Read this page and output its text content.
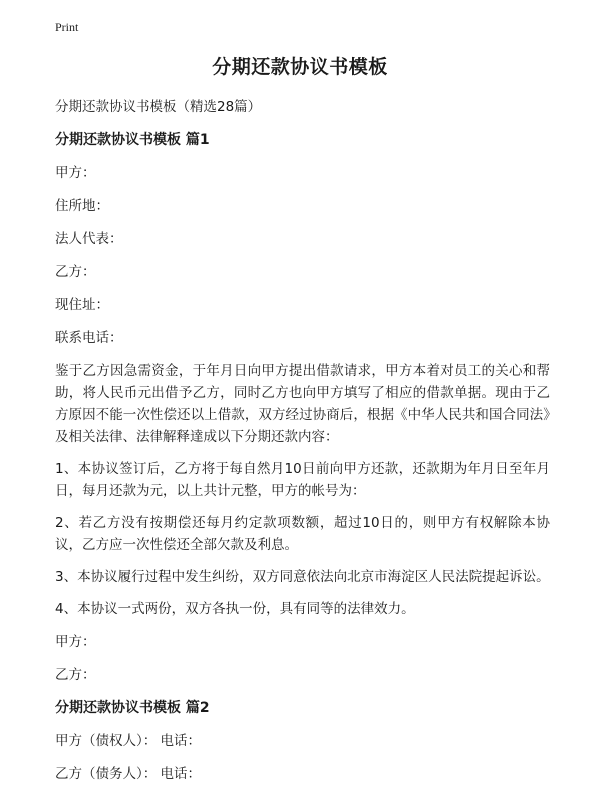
Print
分期还款协议书模板

分期还款协议书模板（精选28篇）

分期还款协议书模板 篇1

甲方：

住所地：

法人代表：

乙方：

现住址：

联系电话：

鉴于乙方因急需资金，于年月日向甲方提出借款请求，甲方本着对员工的关心和帮助，将人民币元出借予乙方，同时乙方也向甲方填写了相应的借款单据。现由于乙方原因不能一次性偿还以上借款，双方经过协商后，根据《中华人民共和国合同法》及相关法律、法律解释達成以下分期还款内容：

1、本协议签订后，乙方将于每自然月10日前向甲方还款，还款期为年月日至年月日，每月还款为元，以上共计元整，甲方的帐号为：

2、若乙方没有按期偿还每月约定款项数额，超过10日的，则甲方有权解除本协议，乙方应一次性偿还全部欠款及利息。

3、本协议履行过程中发生纠纷，双方同意依法向北京市海淀区人民法院提起诉讼。

4、本协议一式两份，双方各执一份，具有同等的法律效力。

甲方：

乙方：

分期还款协议书模板 篇2

甲方（债权人）： 电话：

乙方（债务人）： 电话：
